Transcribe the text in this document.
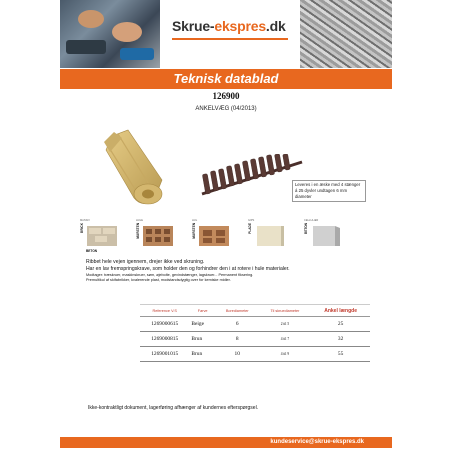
Skrue-ekspres.dk
Teknisk datablad
126900
ANKELVÆG (04/2013)
Leveres i en æske med 4 stænger á 25 dyvler undtagen 6 mm diameter
MASSIV
BRICK
BETON
HULE
MURSTEN
HUL
MURSTEN
GIPS
PLADE
CELLULÆR
BETON

Ribbet hele vejen igennem, drejer ikke ved skruning.

Har en lav fremspringskrave, som holder den og forhindrer den i at rotere i hule materialer.

Modtager: træskruer, maskinskruer, søm, øjebolte, gevindstænger, lagskruer... Permanent fiksering.

Premultikul af skifabrikker, kvalerende plast, modstandsdygtig over for kemiske midler.

Reference V.S	Farve	Borediameter	Til skruediameter	Ankel længde
1269000615	Beige	6	2 til 5	25
1269000815	Brun	8	4 til 7	32
1269001015	Brun	10	4 til 9	55
Ikke-kontraktligt dokument, lagerføring afhænger af kundernes efterspørgsel.
kundeservice@skrue-ekspres.dk
